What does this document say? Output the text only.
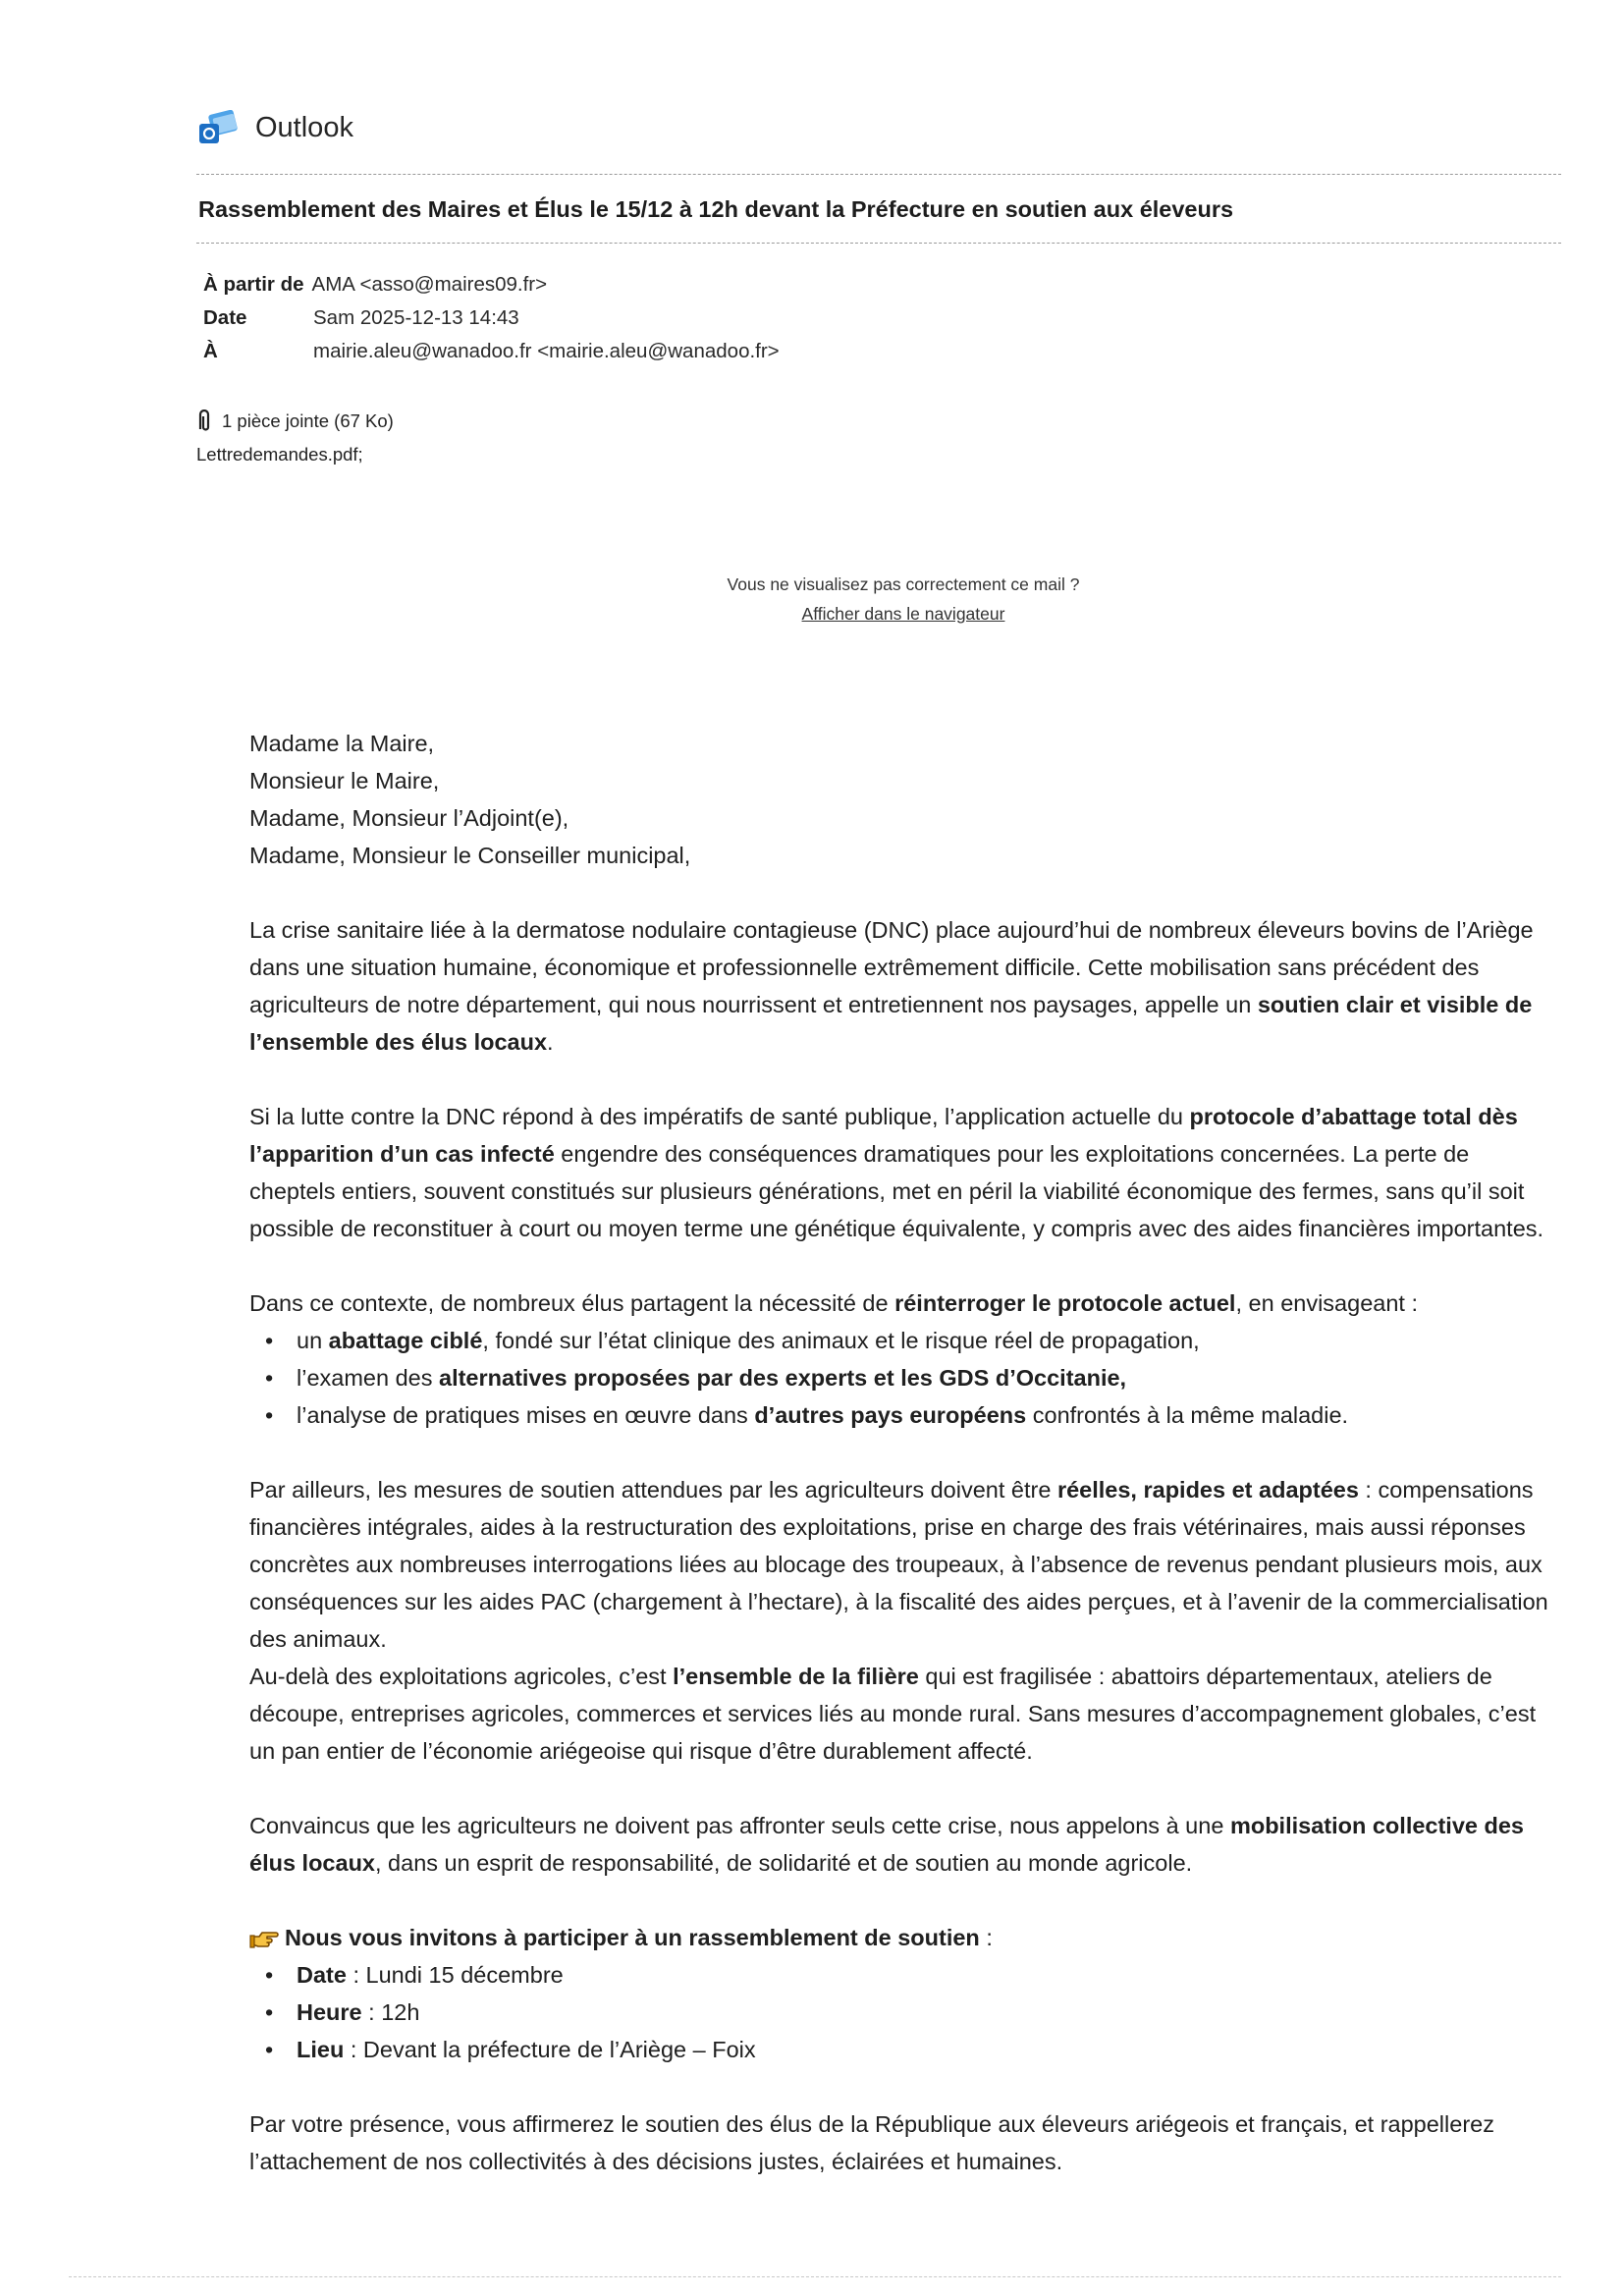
Outlook
Rassemblement des Maires et Élus le 15/12 à 12h devant la Préfecture en soutien aux éleveurs
À partir de AMA <asso@maires09.fr>
Date	Sam 2025-12-13 14:43
À	mairie.aleu@wanadoo.fr <mairie.aleu@wanadoo.fr>
1 pièce jointe (67 Ko)
Lettredemandes.pdf;
Vous ne visualisez pas correctement ce mail ?
Afficher dans le navigateur

Madame la Maire,

Monsieur le Maire,

Madame, Monsieur l’Adjoint(e),

Madame, Monsieur le Conseiller municipal,

La crise sanitaire liée à la dermatose nodulaire contagieuse (DNC) place aujourd’hui de nombreux éleveurs bovins de l’Ariège dans une situation humaine, économique et professionnelle extrêmement difficile. Cette mobilisation sans précédent des agriculteurs de notre département, qui nous nourrissent et entretiennent nos paysages, appelle un soutien clair et visible de l’ensemble des élus locaux.

Si la lutte contre la DNC répond à des impératifs de santé publique, l’application actuelle du protocole d’abattage total dès l’apparition d’un cas infecté engendre des conséquences dramatiques pour les exploitations concernées. La perte de cheptels entiers, souvent constitués sur plusieurs générations, met en péril la viabilité économique des fermes, sans qu’il soit possible de reconstituer à court ou moyen terme une génétique équivalente, y compris avec des aides financières importantes.

Dans ce contexte, de nombreux élus partagent la nécessité de réinterroger le protocole actuel, en envisageant :

• un abattage ciblé, fondé sur l’état clinique des animaux et le risque réel de propagation,
• l’examen des alternatives proposées par des experts et les GDS d’Occitanie,
• l’analyse de pratiques mises en œuvre dans d’autres pays européens confrontés à la même maladie.

Par ailleurs, les mesures de soutien attendues par les agriculteurs doivent être réelles, rapides et adaptées : compensations financières intégrales, aides à la restructuration des exploitations, prise en charge des frais vétérinaires, mais aussi réponses concrètes aux nombreuses interrogations liées au blocage des troupeaux, à l’absence de revenus pendant plusieurs mois, aux conséquences sur les aides PAC (chargement à l’hectare), à la fiscalité des aides perçues, et à l’avenir de la commercialisation des animaux.

Au-delà des exploitations agricoles, c’est l’ensemble de la filière qui est fragilisée : abattoirs départementaux, ateliers de découpe, entreprises agricoles, commerces et services liés au monde rural. Sans mesures d’accompagnement globales, c’est un pan entier de l’économie ariégeoise qui risque d’être durablement affecté.

Convaincus que les agriculteurs ne doivent pas affronter seuls cette crise, nous appelons à une mobilisation collective des élus locaux, dans un esprit de responsabilité, de solidarité et de soutien au monde agricole.

Nous vous invitons à participer à un rassemblement de soutien :

• Date : Lundi 15 décembre
• Heure : 12h
• Lieu : Devant la préfecture de l’Ariège – Foix

Par votre présence, vous affirmerez le soutien des élus de la République aux éleveurs ariégeois et français, et rappellerez l’attachement de nos collectivités à des décisions justes, éclairées et humaines.
